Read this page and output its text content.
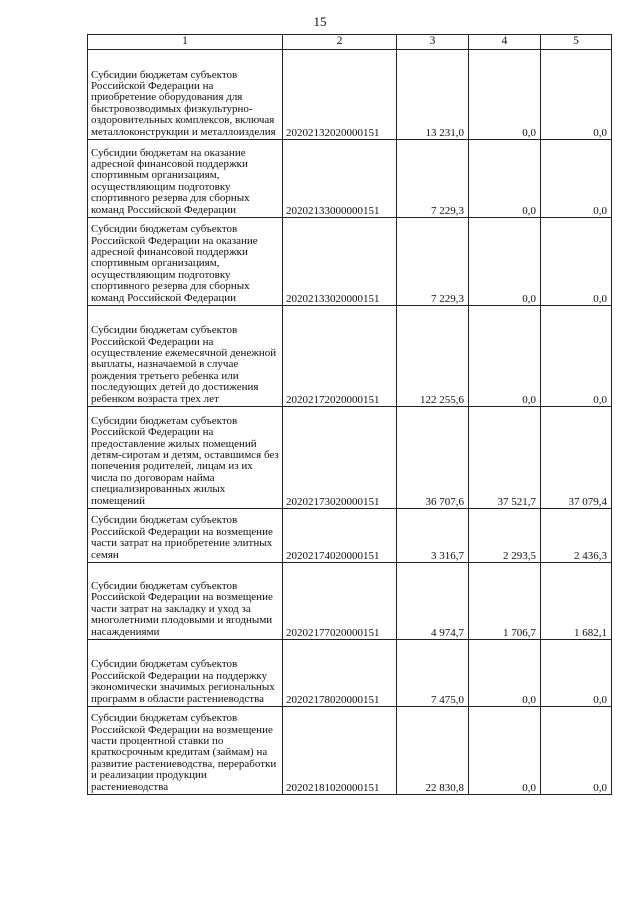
15
1	2	3	4	5
Субсидии бюджетам субъектов Российской Федерации на приобретение оборудования для быстровозводимых физкультурно-оздоровительных комплексов, включая металлоконструкции и металлоизделия	20202132020000151	13 231,0	0,0	0,0
Субсидии бюджетам на оказание адресной финансовой поддержки спортивным организациям, осуществляющим подготовку спортивного резерва для сборных команд Российской Федерации	20202133000000151	7 229,3	0,0	0,0
Субсидии бюджетам субъектов Российской Федерации на оказание адресной финансовой поддержки спортивным организациям, осуществляющим подготовку спортивного резерва для сборных команд Российской Федерации	20202133020000151	7 229,3	0,0	0,0
Субсидии бюджетам субъектов Российской Федерации на осуществление ежемесячной денежной выплаты, назначаемой в случае рождения третьего ребенка или последующих детей до достижения ребенком возраста трех лет	20202172020000151	122 255,6	0,0	0,0
Субсидии бюджетам субъектов Российской Федерации на предоставление жилых помещений детям-сиротам и детям, оставшимся без попечения родителей, лицам из их числа по договорам найма специализированных жилых помещений	20202173020000151	36 707,6	37 521,7	37 079,4
Субсидии бюджетам субъектов Российской Федерации на возмещение части затрат на приобретение элитных семян	20202174020000151	3 316,7	2 293,5	2 436,3
Субсидии бюджетам субъектов Российской Федерации на возмещение части затрат на закладку и уход за многолетними плодовыми и ягодными насаждениями	20202177020000151	4 974,7	1 706,7	1 682,1
Субсидии бюджетам субъектов Российской Федерации на поддержку экономически значимых региональных программ в области растениеводства	20202178020000151	7 475,0	0,0	0,0
Субсидии бюджетам субъектов Российской Федерации на возмещение части процентной ставки по краткосрочным кредитам (займам) на развитие растениеводства, переработки и реализации продукции растениеводства	20202181020000151	22 830,8	0,0	0,0
